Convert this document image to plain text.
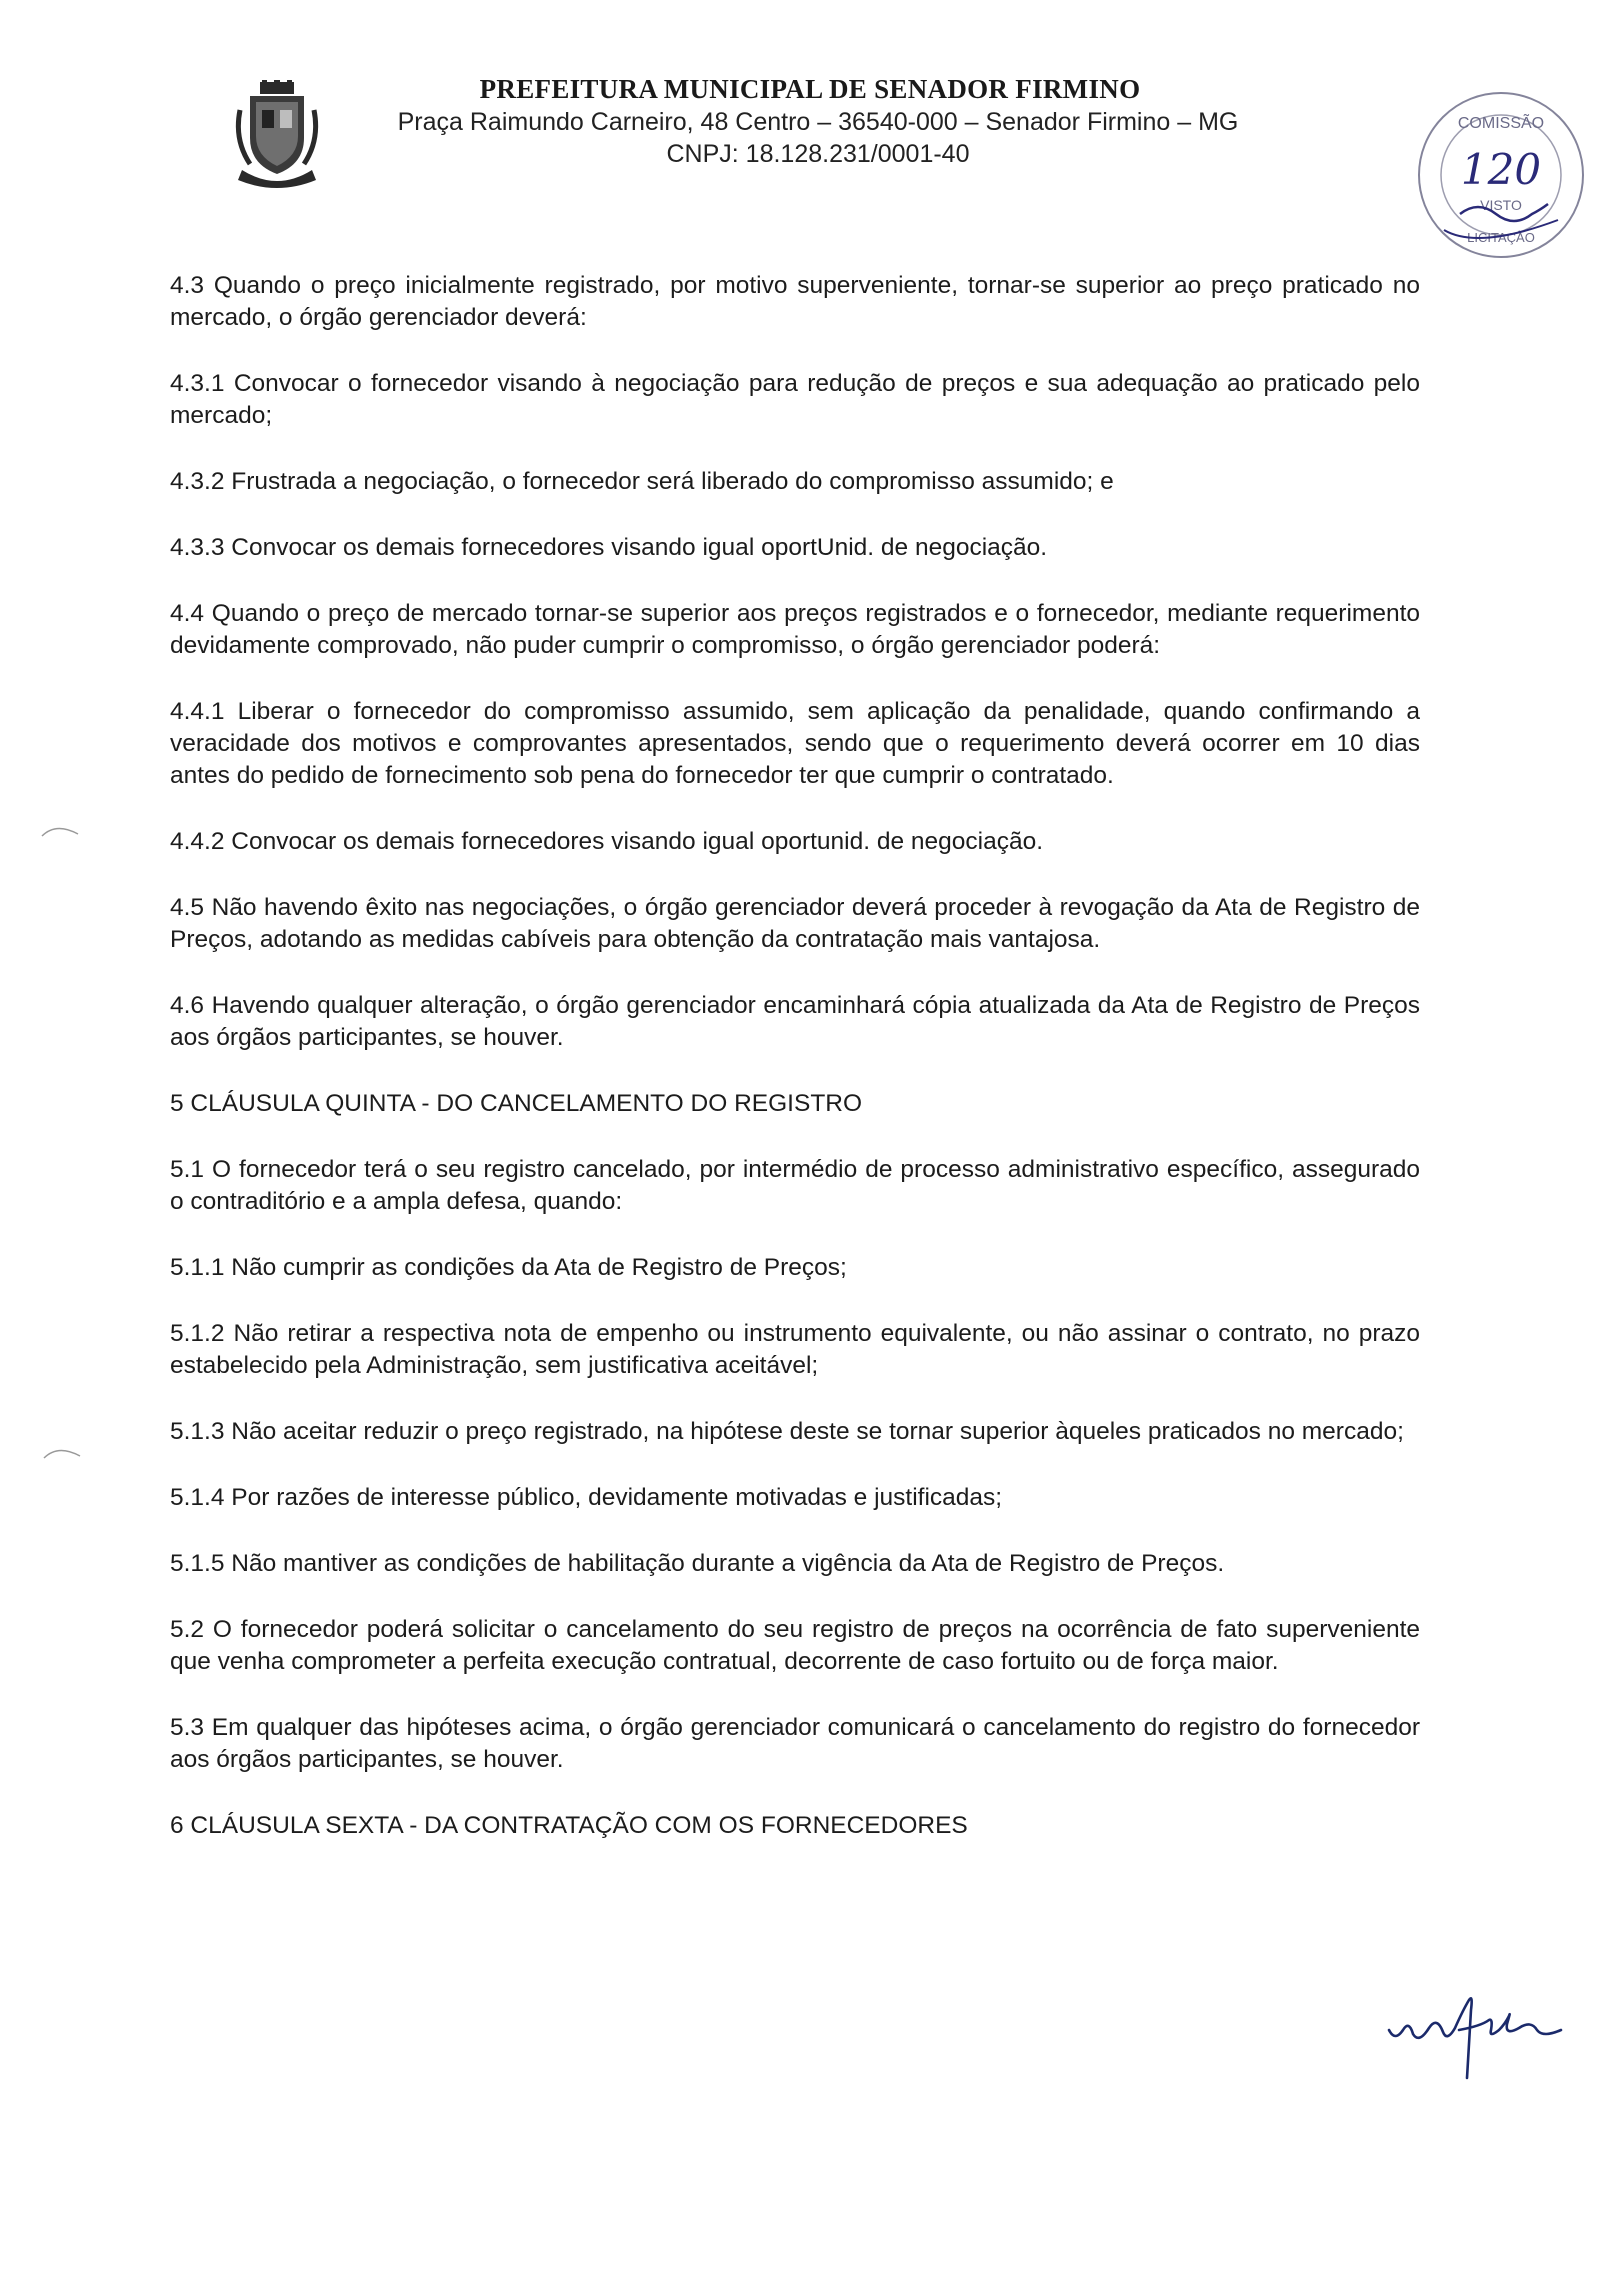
PREFEITURA MUNICIPAL DE SENADOR FIRMINO
Praça Raimundo Carneiro, 48 Centro – 36540-000 – Senador Firmino – MG
CNPJ: 18.128.231/0001-40
COMISSÃO
120
VISTO
LICITAÇÃO

4.3 Quando o preço inicialmente registrado, por motivo superveniente, tornar-se superior ao preço praticado no mercado, o órgão gerenciador deverá:

4.3.1 Convocar o fornecedor visando à negociação para redução de preços e sua adequação ao praticado pelo mercado;

4.3.2 Frustrada a negociação, o fornecedor será liberado do compromisso assumido; e

4.3.3 Convocar os demais fornecedores visando igual oportUnid. de negociação.

4.4 Quando o preço de mercado tornar-se superior aos preços registrados e o fornecedor, mediante requerimento devidamente comprovado, não puder cumprir o compromisso, o órgão gerenciador poderá:

4.4.1 Liberar o fornecedor do compromisso assumido, sem aplicação da penalidade, quando confirmando a veracidade dos motivos e comprovantes apresentados, sendo que o requerimento deverá ocorrer em 10 dias antes do pedido de fornecimento sob pena do fornecedor ter que cumprir o contratado.

4.4.2 Convocar os demais fornecedores visando igual oportunid. de negociação.

4.5 Não havendo êxito nas negociações, o órgão gerenciador deverá proceder à revogação da Ata de Registro de Preços, adotando as medidas cabíveis para obtenção da contratação mais vantajosa.

4.6 Havendo qualquer alteração, o órgão gerenciador encaminhará cópia atualizada da Ata de Registro de Preços aos órgãos participantes, se houver.

5 CLÁUSULA QUINTA - DO CANCELAMENTO DO REGISTRO

5.1 O fornecedor terá o seu registro cancelado, por intermédio de processo administrativo específico, assegurado o contraditório e a ampla defesa, quando:

5.1.1 Não cumprir as condições da Ata de Registro de Preços;

5.1.2 Não retirar a respectiva nota de empenho ou instrumento equivalente, ou não assinar o contrato, no prazo estabelecido pela Administração, sem justificativa aceitável;

5.1.3 Não aceitar reduzir o preço registrado, na hipótese deste se tornar superior àqueles praticados no mercado;

5.1.4 Por razões de interesse público, devidamente motivadas e justificadas;

5.1.5 Não mantiver as condições de habilitação durante a vigência da Ata de Registro de Preços.

5.2 O fornecedor poderá solicitar o cancelamento do seu registro de preços na ocorrência de fato superveniente que venha comprometer a perfeita execução contratual, decorrente de caso fortuito ou de força maior.

5.3 Em qualquer das hipóteses acima, o órgão gerenciador comunicará o cancelamento do registro do fornecedor aos órgãos participantes, se houver.

6 CLÁUSULA SEXTA - DA CONTRATAÇÃO COM OS FORNECEDORES
